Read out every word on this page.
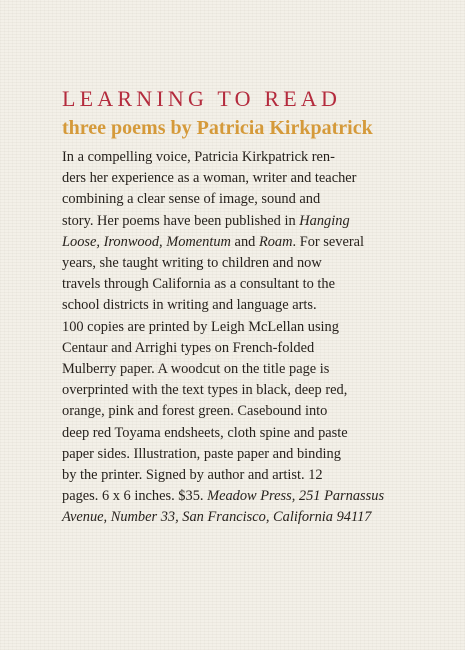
LEARNING TO READ
three poems by Patricia Kirkpatrick

In a compelling voice, Patricia Kirkpatrick ren-
ders her experience as a woman, writer and teacher
combining a clear sense of image, sound and
story. Her poems have been published in Hanging
Loose, Ironwood, Momentum and Roam. For several
years, she taught writing to children and now
travels through California as a consultant to the
school districts in writing and language arts.
100 copies are printed by Leigh McLellan using
Centaur and Arrighi types on French-folded
Mulberry paper. A woodcut on the title page is
overprinted with the text types in black, deep red,
orange, pink and forest green. Casebound into
deep red Toyama endsheets, cloth spine and paste
paper sides. Illustration, paste paper and binding
by the printer. Signed by author and artist. 12
pages. 6 x 6 inches. $35. Meadow Press, 251 Parnassus
Avenue, Number 33, San Francisco, California 94117
